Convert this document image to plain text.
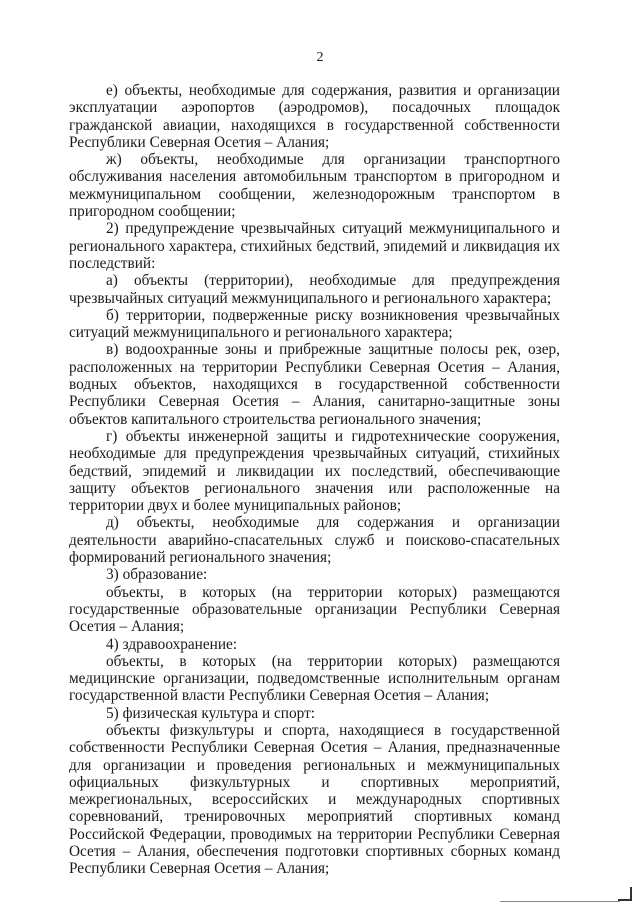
2

е) объекты, необходимые для содержания, развития и организации эксплуатации аэропортов (аэродромов), посадочных площадок гражданской авиации, находящихся в государственной собственности Республики Северная Осетия – Алания;

ж) объекты, необходимые для организации транспортного обслуживания населения автомобильным транспортом в пригородном и межмуниципальном сообщении, железнодорожным транспортом в пригородном сообщении;

2) предупреждение чрезвычайных ситуаций межмуниципального и регионального характера, стихийных бедствий, эпидемий и ликвидация их последствий:

а) объекты (территории), необходимые для предупреждения чрезвычайных ситуаций межмуниципального и регионального характера;

б) территории, подверженные риску возникновения чрезвычайных ситуаций межмуниципального и регионального характера;

в) водоохранные зоны и прибрежные защитные полосы рек, озер, расположенных на территории Республики Северная Осетия – Алания, водных объектов, находящихся в государственной собственности Республики Северная Осетия – Алания, санитарно-защитные зоны объектов капитального строительства регионального значения;

г) объекты инженерной защиты и гидротехнические сооружения, необходимые для предупреждения чрезвычайных ситуаций, стихийных бедствий, эпидемий и ликвидации их последствий, обеспечивающие защиту объектов регионального значения или расположенные на территории двух и более муниципальных районов;

д) объекты, необходимые для содержания и организации деятельности аварийно-спасательных служб и поисково-спасательных формирований регионального значения;

3) образование:

объекты, в которых (на территории которых) размещаются государственные образовательные организации Республики Северная Осетия – Алания;

4) здравоохранение:

объекты, в которых (на территории которых) размещаются медицинские организации, подведомственные исполнительным органам государственной власти Республики Северная Осетия – Алания;

5) физическая культура и спорт:

объекты физкультуры и спорта, находящиеся в государственной собственности Республики Северная Осетия – Алания, предназначенные для организации и проведения региональных и межмуниципальных официальных физкультурных и спортивных мероприятий, межрегиональных, всероссийских и международных спортивных соревнований, тренировочных мероприятий спортивных команд Российской Федерации, проводимых на территории Республики Северная Осетия – Алания, обеспечения подготовки спортивных сборных команд Республики Северная Осетия – Алания;
